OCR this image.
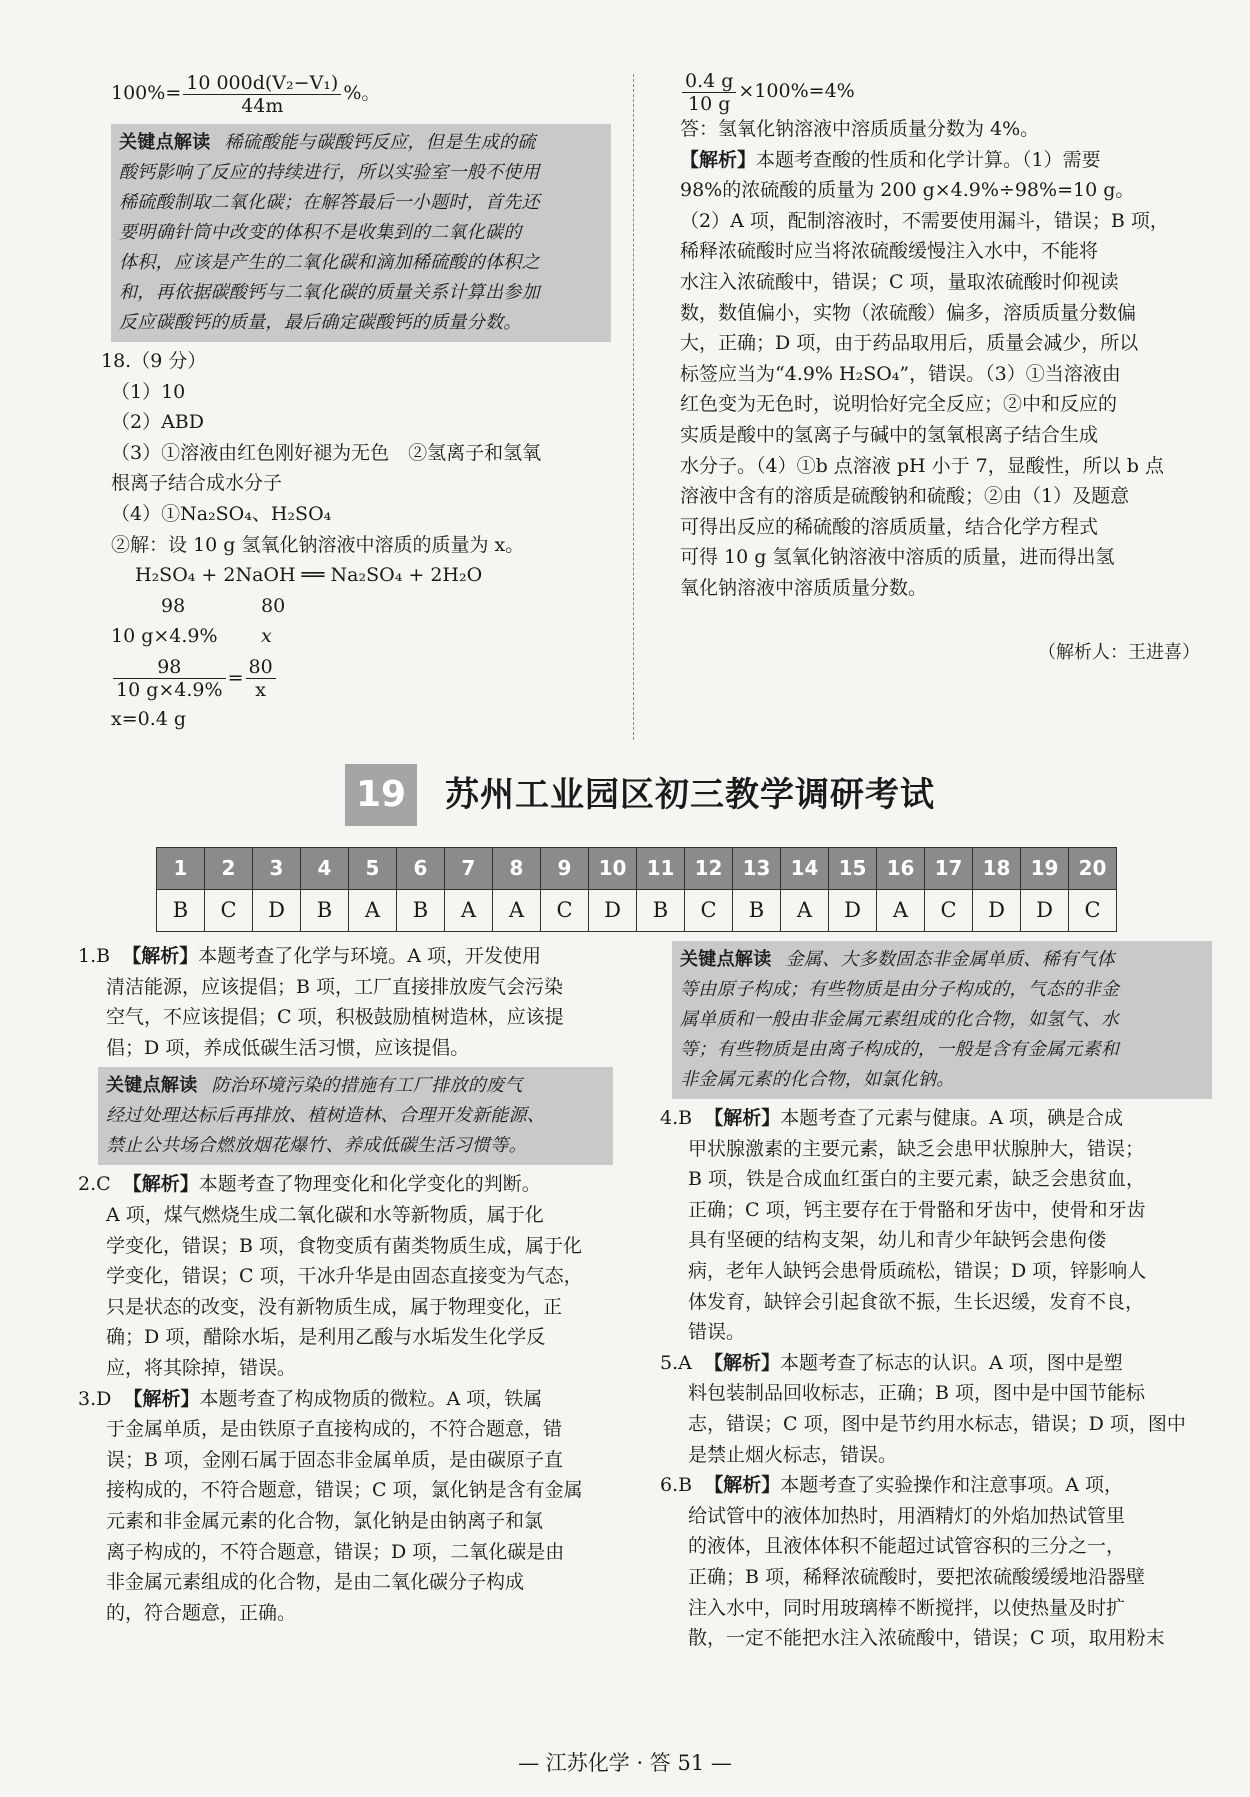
$100\%= \frac{\text{10 000d(V₂−V₁)}}{44m}$ %。

关键点解读 稀硫酸能与碳酸钙反应，但是生成的硫
酸钙影响了反应的持续进行，所以实验室一般不使用
稀硫酸制取二氧化碳；在解答最后一小题时，首先还
要明确针筒中改变的体积不是收集到的二氧化碳的
体积，应该是产生的二氧化碳和滴加稀硫酸的体积之
和，再依据碳酸钙与二氧化碳的质量关系计算出参加
反应碳酸钙的质量，最后确定碳酸钙的质量分数。

18.（9 分）

（1）10

（2）ABD

（3）①溶液由红色刚好褪为无色　②氢离子和氢氧

根离子结合成水分子

（4）①Na₂SO₄、H₂SO₄

②解：设 10 g 氢氧化钠溶液中溶质的质量为 x。

H₂SO₄ + 2NaOH ══ Na₂SO₄ + 2H₂O

98	80

10 g×4.9% x

$\frac{98}{10 g\times 4.9\%} = \frac{80}{x}$

x=0.4 g

$\frac{0.4 g}{10 g} \times 100\%=4\%$

答：氢氧化钠溶液中溶质质量分数为 4%。

【解析】本题考查酸的性质和化学计算。（1）需要

98%的浓硫酸的质量为 200 g×4.9%÷98%=10 g。

（2）A 项，配制溶液时，不需要使用漏斗，错误；B 项，

稀释浓硫酸时应当将浓硫酸缓慢注入水中，不能将

水注入浓硫酸中，错误；C 项，量取浓硫酸时仰视读

数，数值偏小，实物（浓硫酸）偏多，溶质质量分数偏

大，正确；D 项，由于药品取用后，质量会减少，所以

标签应当为“4.9% H₂SO₄”，错误。（3）①当溶液由

红色变为无色时，说明恰好完全反应；②中和反应的

实质是酸中的氢离子与碱中的氢氧根离子结合生成

水分子。（4）①b 点溶液 pH 小于 7，显酸性，所以 b 点

溶液中含有的溶质是硫酸钠和硫酸；②由（1）及题意

可得出反应的稀硫酸的溶质质量，结合化学方程式

可得 10 g 氢氧化钠溶液中溶质的质量，进而得出氢

氧化钠溶液中溶质质量分数。

（解析人：王进喜）

19	苏州工业园区初三教学调研考试
1	2	3	4	5	6	7	8	9	10	11	12	13	14	15	16	17	18	19	20
B	C	D	B	A	B	A	A	C	D	B	C	B	A	D	A	C	D	D	C

1.B 【解析】本题考查了化学与环境。A 项，开发使用

清洁能源，应该提倡；B 项，工厂直接排放废气会污染

空气，不应该提倡；C 项，积极鼓励植树造林，应该提

倡；D 项，养成低碳生活习惯，应该提倡。

关键点解读 防治环境污染的措施有工厂排放的废气
经过处理达标后再排放、植树造林、合理开发新能源、
禁止公共场合燃放烟花爆竹、养成低碳生活习惯等。

2.C 【解析】本题考查了物理变化和化学变化的判断。

A 项，煤气燃烧生成二氧化碳和水等新物质，属于化

学变化，错误；B 项，食物变质有菌类物质生成，属于化

学变化，错误；C 项，干冰升华是由固态直接变为气态，

只是状态的改变，没有新物质生成，属于物理变化，正

确；D 项，醋除水垢，是利用乙酸与水垢发生化学反

应，将其除掉，错误。

3.D 【解析】本题考查了构成物质的微粒。A 项，铁属

于金属单质，是由铁原子直接构成的，不符合题意，错

误；B 项，金刚石属于固态非金属单质，是由碳原子直

接构成的，不符合题意，错误；C 项，氯化钠是含有金属

元素和非金属元素的化合物，氯化钠是由钠离子和氯

离子构成的，不符合题意，错误；D 项，二氧化碳是由

非金属元素组成的化合物，是由二氧化碳分子构成

的，符合题意，正确。

关键点解读 金属、大多数固态非金属单质、稀有气体
等由原子构成；有些物质是由分子构成的，气态的非金
属单质和一般由非金属元素组成的化合物，如氢气、水
等；有些物质是由离子构成的，一般是含有金属元素和
非金属元素的化合物，如氯化钠。

4.B 【解析】本题考查了元素与健康。A 项，碘是合成

甲状腺激素的主要元素，缺乏会患甲状腺肿大，错误；

B 项，铁是合成血红蛋白的主要元素，缺乏会患贫血，

正确；C 项，钙主要存在于骨骼和牙齿中，使骨和牙齿

具有坚硬的结构支架，幼儿和青少年缺钙会患佝偻

病，老年人缺钙会患骨质疏松，错误；D 项，锌影响人

体发育，缺锌会引起食欲不振，生长迟缓，发育不良，

错误。

5.A 【解析】本题考查了标志的认识。A 项，图中是塑

料包装制品回收标志，正确；B 项，图中是中国节能标

志，错误；C 项，图中是节约用水标志，错误；D 项，图中

是禁止烟火标志，错误。

6.B 【解析】本题考查了实验操作和注意事项。A 项，

给试管中的液体加热时，用酒精灯的外焰加热试管里

的液体，且液体体积不能超过试管容积的三分之一，

正确；B 项，稀释浓硫酸时，要把浓硫酸缓缓地沿器壁

注入水中，同时用玻璃棒不断搅拌，以使热量及时扩

散，一定不能把水注入浓硫酸中，错误；C 项，取用粉末

— 江苏化学 · 答 51 —
